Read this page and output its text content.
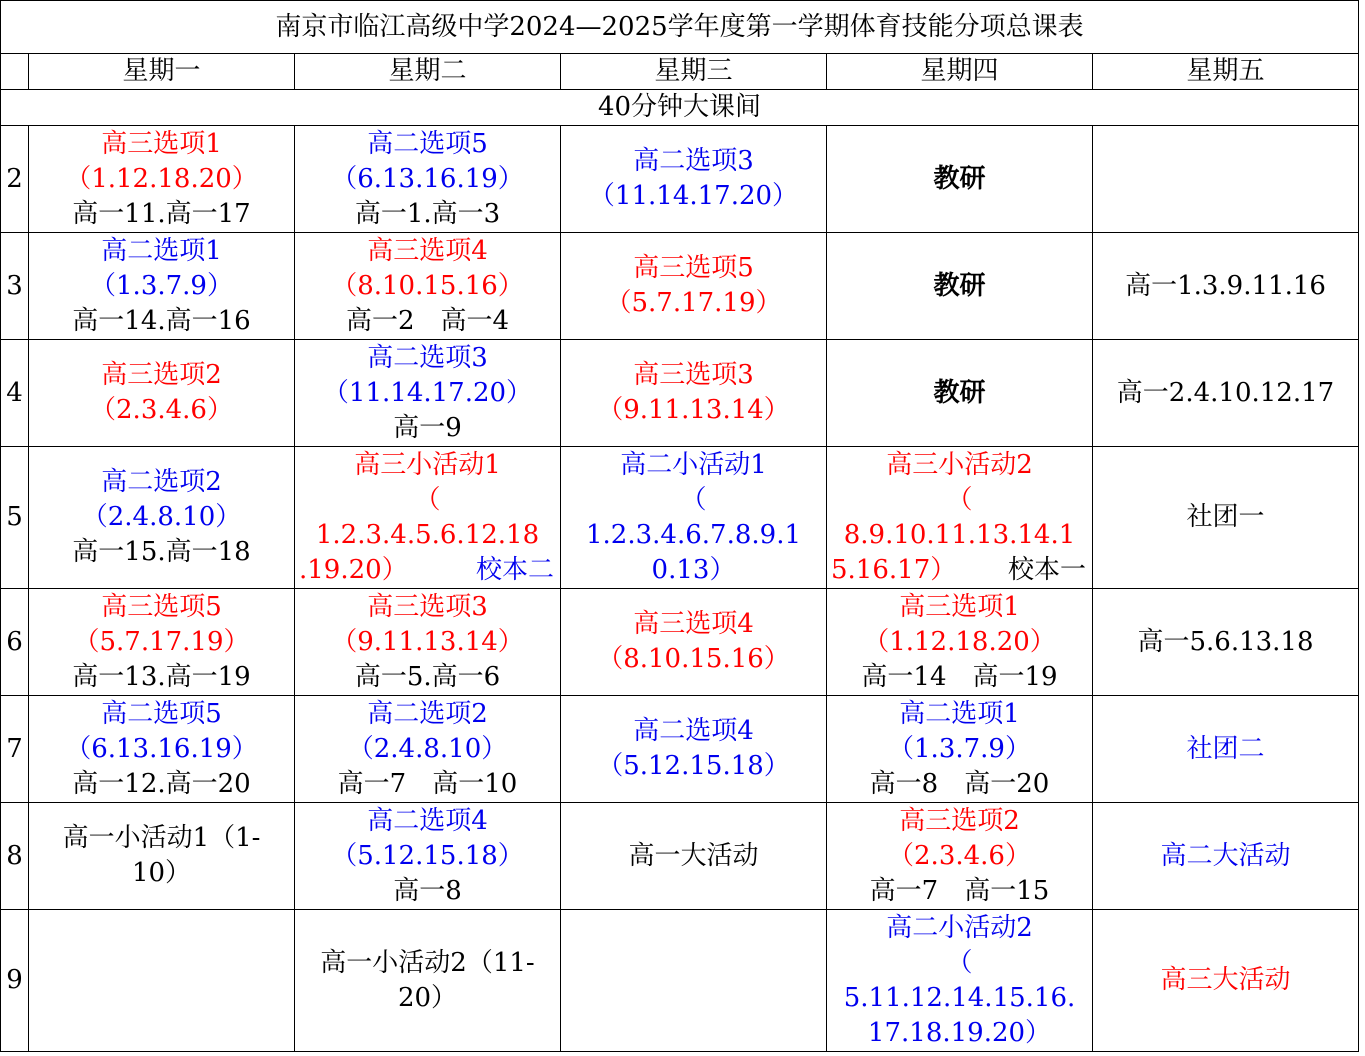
南京市临江高级中学2024—2025学年度第一学期体育技能分项总课表					
	星期一	星期二	星期三	星期四	星期五
40分钟大课间					
2	高三选项1
（1.12.18.20）
高一11.高一17	高二选项5
（6.13.16.19）
高一1.高一3	高二选项3
（11.14.17.20）	教研	

3	高二选项1
（1.3.7.9）
高一14.高一16	高三选项4
（8.10.15.16）
高一2　高一4	高三选项5
（5.7.17.19）	教研	高一1.3.9.11.16

4	高三选项2
（2.3.4.6）	高二选项3
（11.14.17.20）
高一9	高三选项3
（9.11.13.14）	教研	高一2.4.10.12.17

5	高二选项2
（2.4.8.10）
高一15.高一18	高三小活动1
（
1.2.3.4.5.6.12.18
.19.20） 校本二	高二小活动1
（
1.2.3.4.6.7.8.9.1
0.13）	高三小活动2
（
8.9.10.11.13.14.1
5.16.17） 校本一	社团一

6	高三选项5
（5.7.17.19）
高一13.高一19	高三选项3
（9.11.13.14）
高一5.高一6	高三选项4
（8.10.15.16）	高三选项1
（1.12.18.20）
高一14　高一19	高一5.6.13.18

7	高二选项5
（6.13.16.19）
高一12.高一20	高二选项2
（2.4.8.10）
高一7　高一10	高二选项4
（5.12.15.18）	高二选项1
（1.3.7.9）
高一8　高一20	社团二

8	高一小活动1（1-
10）	高二选项4
（5.12.15.18）
高一8	高一大活动	高三选项2
（2.3.4.6）
高一7　高一15	高二大活动

9		高一小活动2（11-
20）		高二小活动2
（
5.11.12.14.15.16.
17.18.19.20）	高三大活动
